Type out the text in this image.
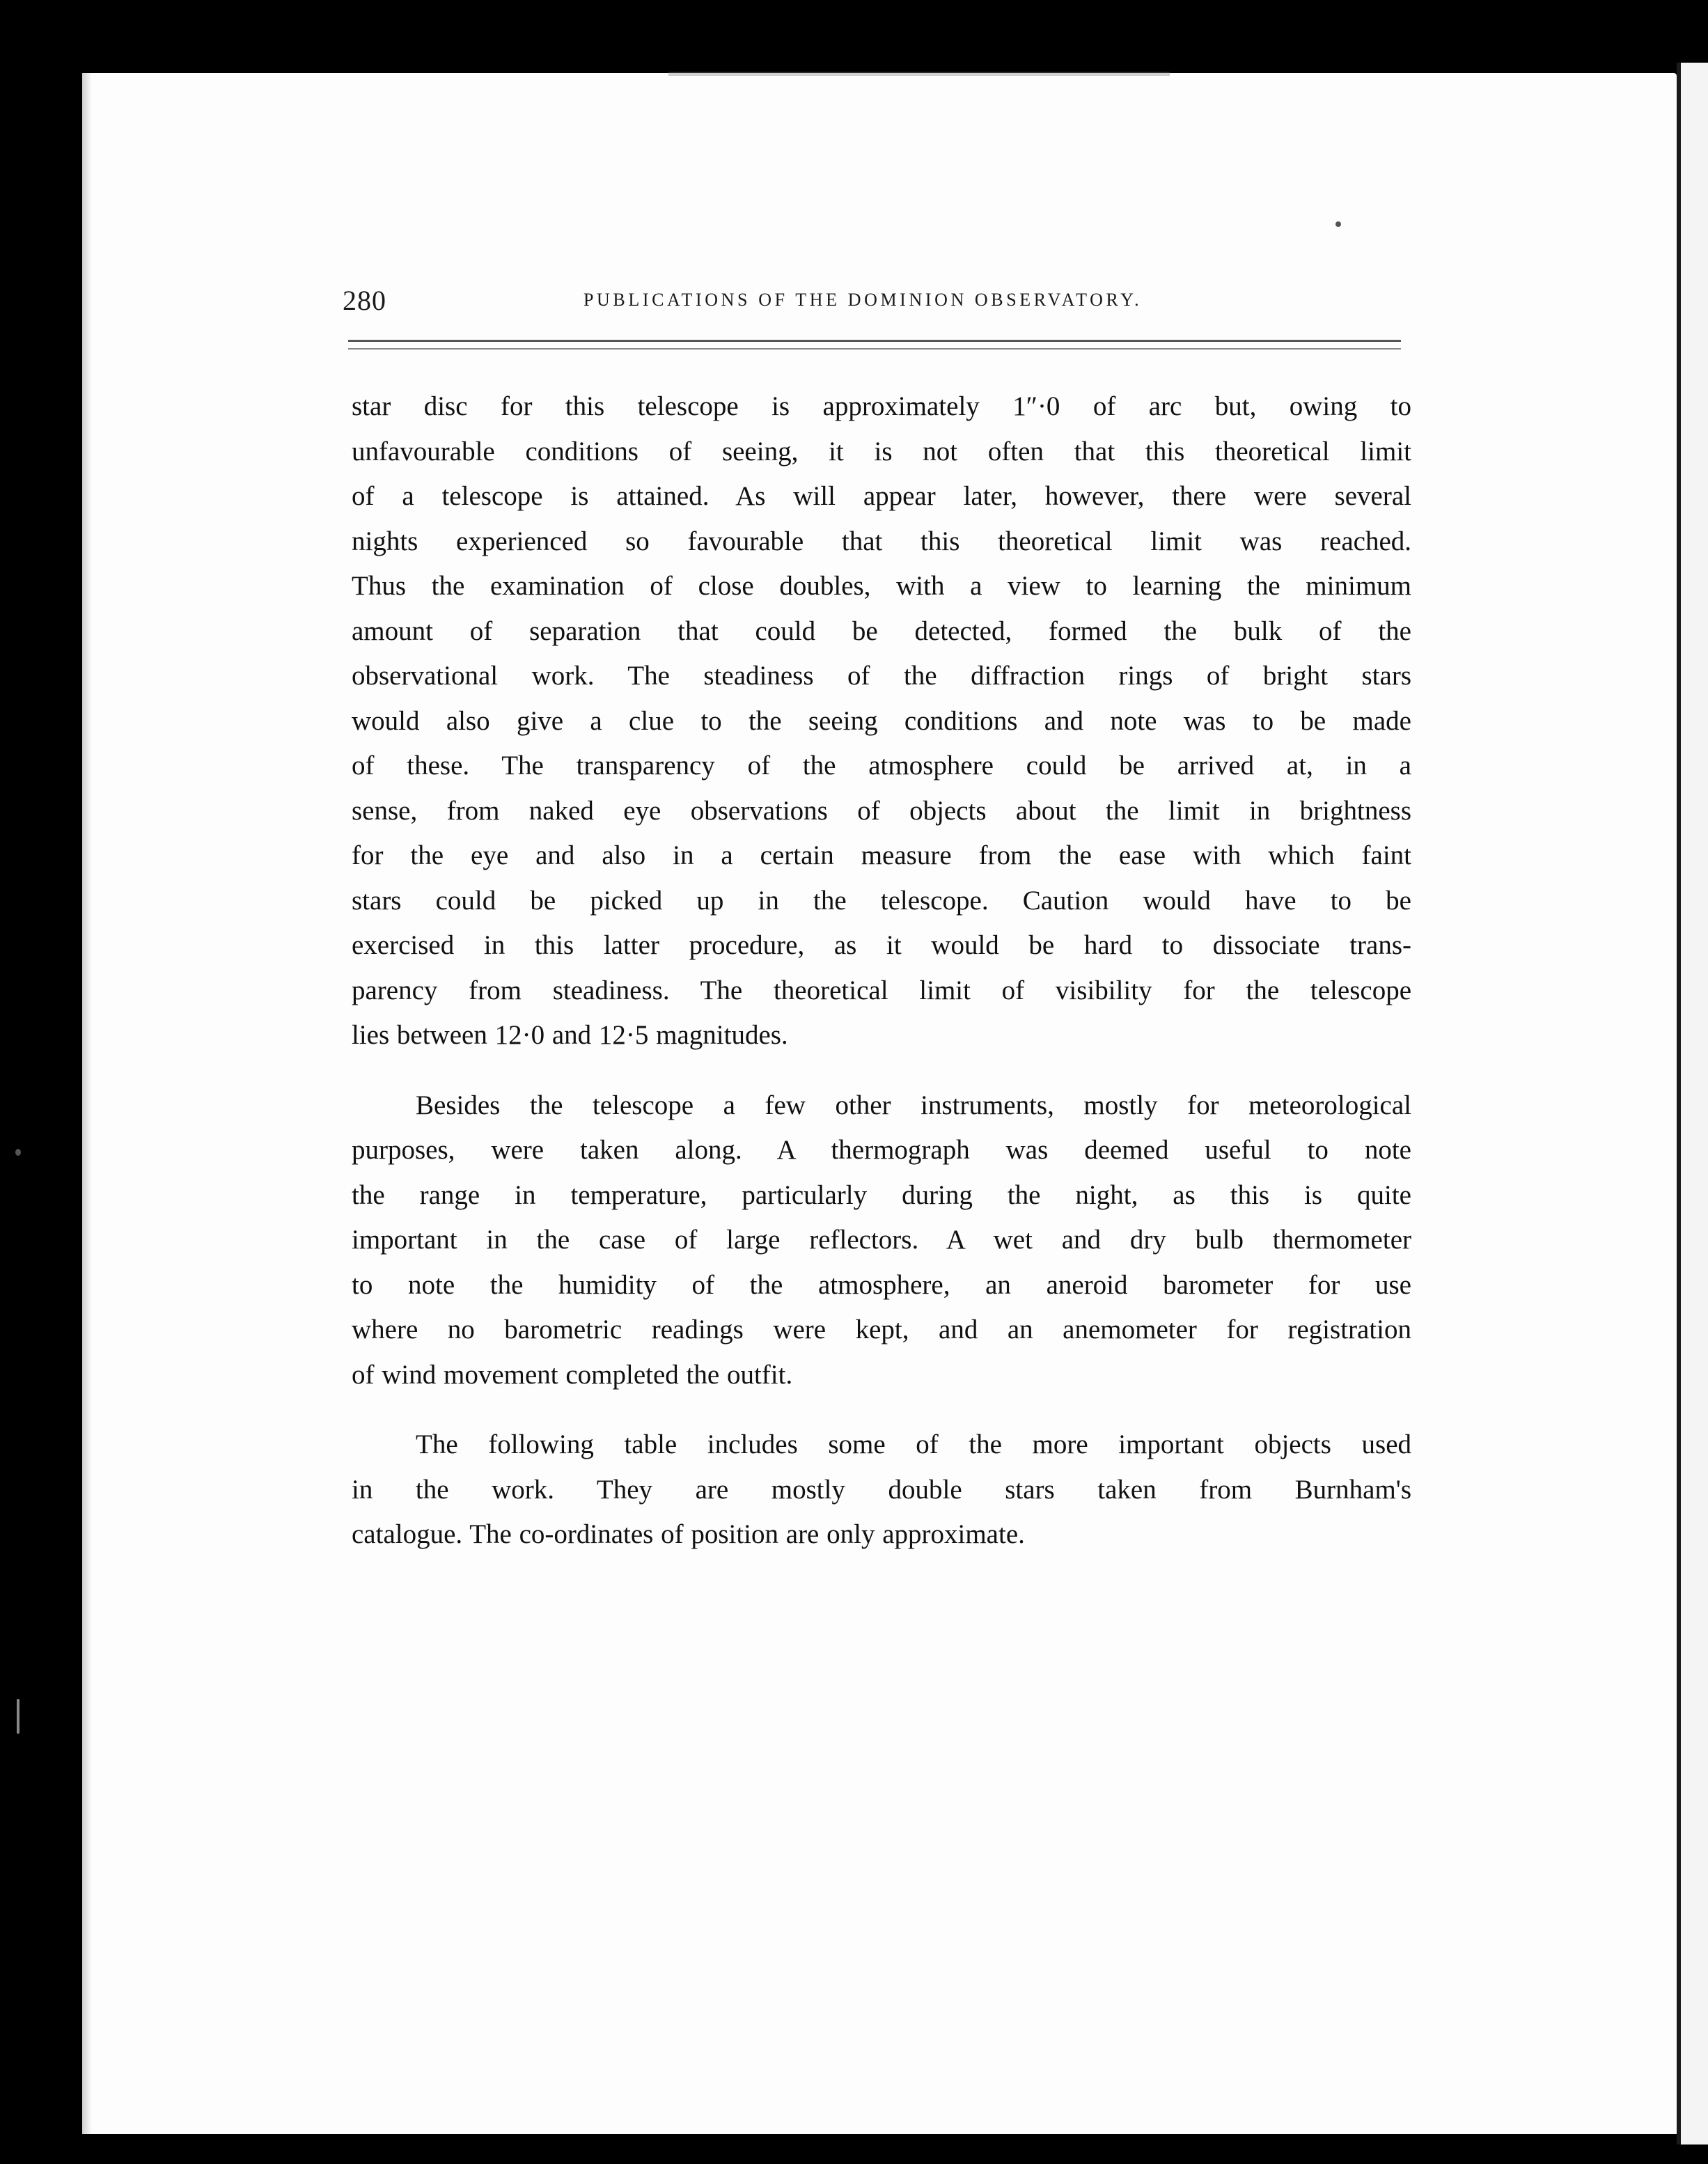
280	PUBLICATIONS OF THE DOMINION OBSERVATORY.
star disc for this telescope is approximately 1″·0 of arc but, owing to
unfavourable conditions of seeing, it is not often that this theoretical limit
of a telescope is attained. As will appear later, however, there were several
nights experienced so favourable that this theoretical limit was reached.
Thus the examination of close doubles, with a view to learning the minimum
amount of separation that could be detected, formed the bulk of the
observational work. The steadiness of the diffraction rings of bright stars
would also give a clue to the seeing conditions and note was to be made
of these. The transparency of the atmosphere could be arrived at, in a
sense, from naked eye observations of objects about the limit in brightness
for the eye and also in a certain measure from the ease with which faint
stars could be picked up in the telescope. Caution would have to be
exercised in this latter procedure, as it would be hard to dissociate trans-
parency from steadiness. The theoretical limit of visibility for the telescope
lies between 12·0 and 12·5 magnitudes.
Besides the telescope a few other instruments, mostly for meteorological
purposes, were taken along. A thermograph was deemed useful to note
the range in temperature, particularly during the night, as this is quite
important in the case of large reflectors. A wet and dry bulb thermometer
to note the humidity of the atmosphere, an aneroid barometer for use
where no barometric readings were kept, and an anemometer for registration
of wind movement completed the outfit.
The following table includes some of the more important objects used
in the work. They are mostly double stars taken from Burnham's
catalogue. The co-ordinates of position are only approximate.
